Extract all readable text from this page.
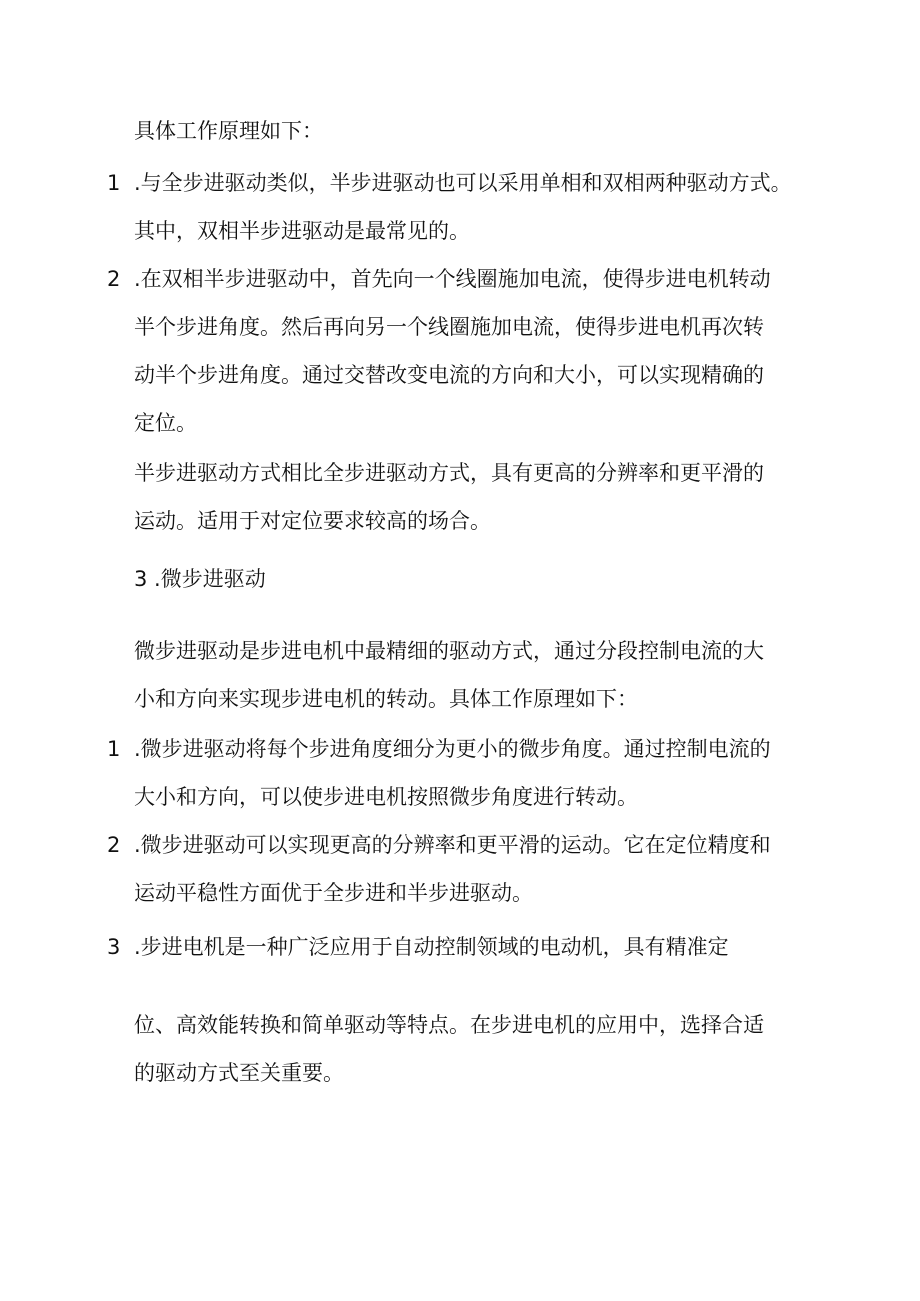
具体工作原理如下：
1 .与全步进驱动类似，半步进驱动也可以采用单相和双相两种驱动方式。
其中，双相半步进驱动是最常见的。
2 .在双相半步进驱动中，首先向一个线圈施加电流，使得步进电机转动
半个步进角度。然后再向另一个线圈施加电流，使得步进电机再次转
动半个步进角度。通过交替改变电流的方向和大小，可以实现精确的
定位。
半步进驱动方式相比全步进驱动方式，具有更高的分辨率和更平滑的
运动。适用于对定位要求较高的场合。
3 .微步进驱动
微步进驱动是步进电机中最精细的驱动方式，通过分段控制电流的大
小和方向来实现步进电机的转动。具体工作原理如下：
1 .微步进驱动将每个步进角度细分为更小的微步角度。通过控制电流的
大小和方向，可以使步进电机按照微步角度进行转动。
2 .微步进驱动可以实现更高的分辨率和更平滑的运动。它在定位精度和
运动平稳性方面优于全步进和半步进驱动。
3 .步进电机是一种广泛应用于自动控制领域的电动机，具有精准定
位、高效能转换和简单驱动等特点。在步进电机的应用中，选择合适
的驱动方式至关重要。
